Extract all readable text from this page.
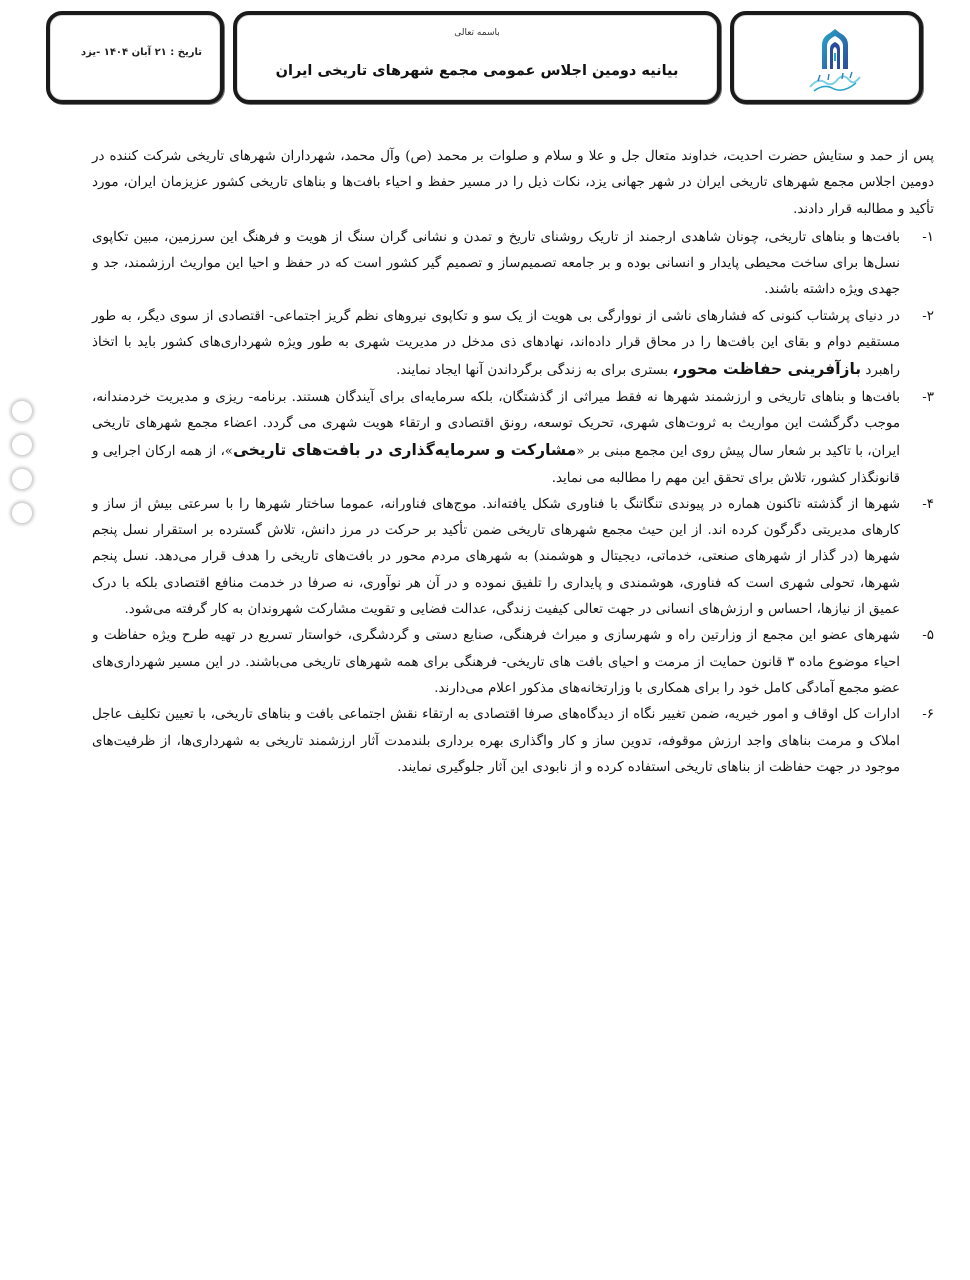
تاریخ : ۲۱ آبان ۱۴۰۴ -یزد
باسمه تعالی
بیانیه دومین اجلاس عمومی مجمع شهرهای تاریخی ایران

پس از حمد و ستایش حضرت احدیت، خداوند متعال جل و علا و سلام و صلوات بر محمد (ص) وآل محمد، شهرداران شهرهای تاریخی شرکت کننده در دومین اجلاس مجمع شهرهای تاریخی ایران در شهر جهانی یزد، نکات ذیل را در مسیر حفظ و احیاء بافت‌ها و بناهای تاریخی کشور عزیزمان ایران، مورد تأکید و مطالبه قرار دادند.

۱-

بافت‌ها و بناهای تاریخی، چونان شاهدی ارجمند از تاریک روشنای تاریخ و تمدن و نشانی گران سنگ از هویت و فرهنگ این سرزمین، مبین تکاپوی نسل‌ها برای ساخت محیطی پایدار و انسانی بوده و بر جامعه تصمیم‌ساز و تصمیم گیر کشور است که در حفظ و احیا این مواریث ارزشمند، جد و جهدی ویژه داشته باشند.

۲-

در دنیای پرشتاب کنونی که فشارهای ناشی از نووارگی بی هویت از یک سو و تکاپوی نیروهای نظم گریز اجتماعی- اقتصادی از سوی دیگر، به طور مستقیم دوام و بقای این بافت‌ها را در محاق قرار داده‌اند، نهادهای ذی مدخل در مدیریت شهری به طور ویژه شهرداری‌های کشور باید با اتخاذ راهبرد بازآفرینی حفاظت محور، بستری برای به زندگی برگرداندن آنها ایجاد نمایند.

۳-

بافت‌ها و بناهای تاریخی و ارزشمند شهرها نه فقط میراثی از گذشتگان، بلکه سرمایه‌ای برای آیندگان هستند. برنامه- ریزی و مدیریت خردمندانه، موجب دگرگشت این مواریث به ثروت‌های شهری، تحریک توسعه، رونق اقتصادی و ارتقاء هویت شهری می گردد. اعضاء مجمع شهرهای تاریخی ایران، با تاکید بر شعار سال پیش روی این مجمع مبنی بر «مشارکت و سرمایه‌گذاری در بافت‌های تاریخی»، از همه ارکان اجرایی و قانونگذار کشور، تلاش برای تحقق این مهم را مطالبه می نماید.

۴-

شهرها از گذشته تاکنون هماره در پیوندی تنگاتنگ با فناوری شکل یافته‌اند. موج‌های فناورانه، عموما ساختار شهرها را با سرعتی بیش از ساز و کارهای مدیریتی دگرگون کرده اند. از این حیث مجمع شهرهای تاریخی ضمن تأکید بر حرکت در مرز دانش، تلاش گسترده بر استقرار نسل پنجم شهرها (در گذار از شهرهای صنعتی، خدماتی، دیجیتال و هوشمند) به شهرهای مردم محور در بافت‌های تاریخی را هدف قرار می‌دهد. نسل پنجم شهرها، تحولی شهری است که فناوری، هوشمندی و پایداری را تلفیق نموده و در آن هر نوآوری، نه صرفا در خدمت منافع اقتصادی بلکه با درک عمیق از نیازها، احساس و ارزش‌های انسانی در جهت تعالی کیفیت زندگی، عدالت فضایی و تقویت مشارکت شهروندان به کار گرفته می‌شود.

۵-

شهرهای عضو این مجمع از وزارتین راه و شهرسازی و میراث فرهنگی، صنایع دستی و گردشگری، خواستار تسریع در تهیه طرح ویژه حفاظت و احیاء موضوع ماده ۳ قانون حمایت از مرمت و احیای بافت های تاریخی- فرهنگی برای همه شهرهای تاریخی می‌باشند. در این مسیر شهرداری‌های عضو مجمع آمادگی کامل خود را برای همکاری با وزارتخانه‌های مذکور اعلام می‌دارند.

۶-

ادارات کل اوقاف و امور خیریه، ضمن تغییر نگاه از دیدگاه‌های صرفا اقتصادی به ارتقاء نقش اجتماعی بافت و بناهای تاریخی، با تعیین تکلیف عاجل املاک و مرمت بناهای واجد ارزش موقوفه، تدوین ساز و کار واگذاری بهره برداری بلندمدت آثار ارزشمند تاریخی به شهرداری‌ها، از ظرفیت‌های موجود در جهت حفاظت از بناهای تاریخی استفاده کرده و از نابودی این آثار جلوگیری نمایند.
